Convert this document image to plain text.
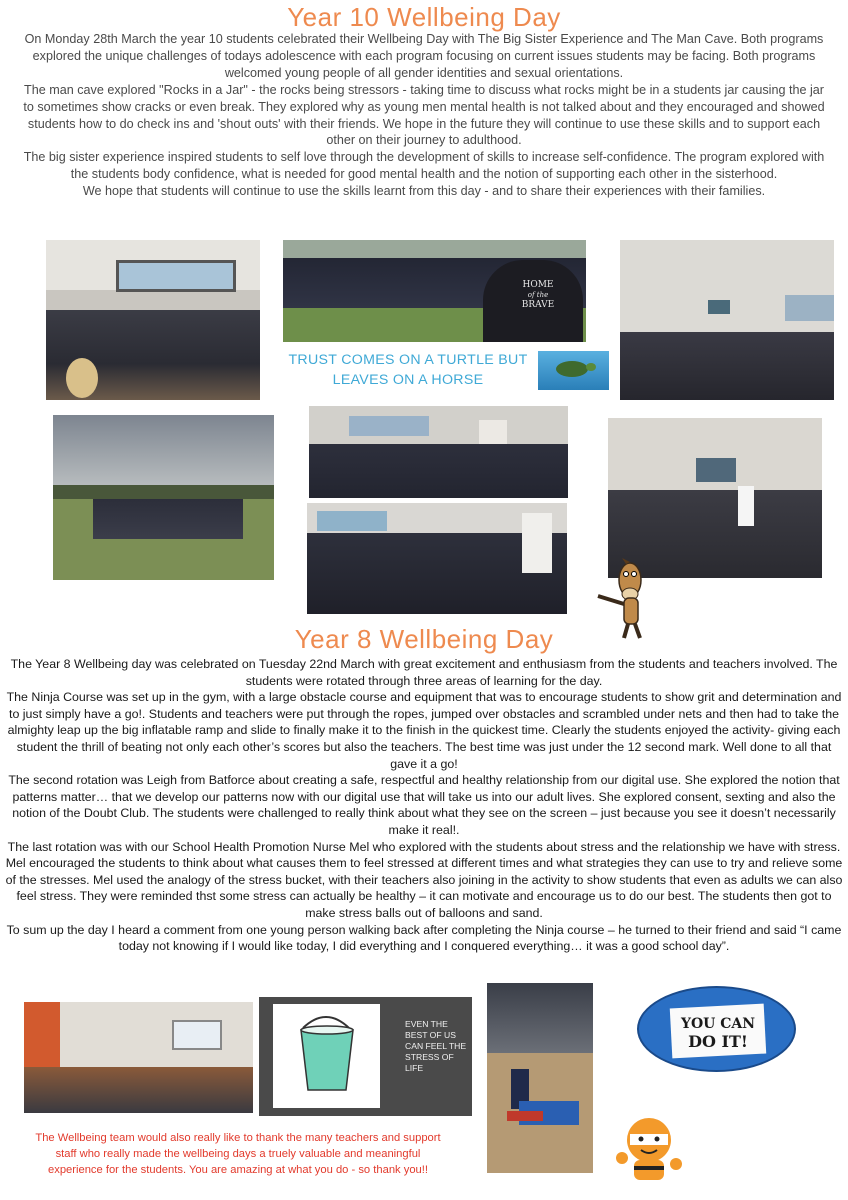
Year 10 Wellbeing Day

On Monday 28th March the year 10 students celebrated their Wellbeing Day with The Big Sister Experience and The Man Cave. Both programs explored the unique challenges of todays adolescence with each program focusing on current issues students may be facing. Both programs welcomed young people of all gender identities and sexual orientations.

The man cave explored "Rocks in a Jar" - the rocks being stressors - taking time to discuss what rocks might be in a students jar causing the jar to sometimes show cracks or even break. They explored why as young men mental health is not talked about and they encouraged and showed students how to do check ins and 'shout outs' with their friends. We hope in the future they will continue to use these skills and to support each other on their journey to adulthood.

The big sister experience inspired students to self love through the development of skills to increase self-confidence. The program explored with the students body confidence, what is needed for good mental health and the notion of supporting each other in the sisterhood.

We hope that students will continue to use the skills learnt from this day - and to share their experiences with their families.

HOME
of the
BRAVE
TRUST COMES ON A TURTLE BUT
LEAVES ON A HORSE
Year 8 Wellbeing Day

The Year 8 Wellbeing day was celebrated on Tuesday 22nd March with great excitement and enthusiasm from the students and teachers involved. The students were rotated through three areas of learning for the day.

The Ninja Course was set up in the gym, with a large obstacle course and equipment that was to encourage students to show grit and determination and to just simply have a go!. Students and teachers were put through the ropes, jumped over obstacles and scrambled under nets and then had to take the almighty leap up the big inflatable ramp and slide to finally make it to the finish in the quickest time. Clearly the students enjoyed the activity- giving each student the thrill of beating not only each other’s scores but also the teachers. The best time was just under the 12 second mark. Well done to all that gave it a go!

The second rotation was Leigh from Batforce about creating a safe, respectful and healthy relationship from our digital use. She explored the notion that patterns matter… that we develop our patterns now with our digital use that will take us into our adult lives. She explored consent, sexting and also the notion of the Doubt Club. The students were challenged to really think about what they see on the screen – just because you see it doesn’t necessarily make it real!.

The last rotation was with our School Health Promotion Nurse Mel who explored with the students about stress and the relationship we have with stress. Mel encouraged the students to think about what causes them to feel stressed at different times and what strategies they can use to try and relieve some of the stresses. Mel used the analogy of the stress bucket, with their teachers also joining in the activity to show students that even as adults we can also feel stress. They were reminded thst some stress can actually be healthy – it can motivate and encourage us to do our best. The students then got to make stress balls out of balloons and sand.

To sum up the day I heard a comment from one young person walking back after completing the Ninja course – he turned to their friend and said “I came today not knowing if I would like today, I did everything and I conquered everything… it was a good school day”.

EVEN THE BEST OF US CAN FEEL THE STRESS OF LIFE
YOU CAN
DO IT!
The Wellbeing team would also really like to thank the many teachers and support staff who really made the wellbeing days a truely valuable and meaningful experience for the students. You are amazing at what you do - so thank you!!
